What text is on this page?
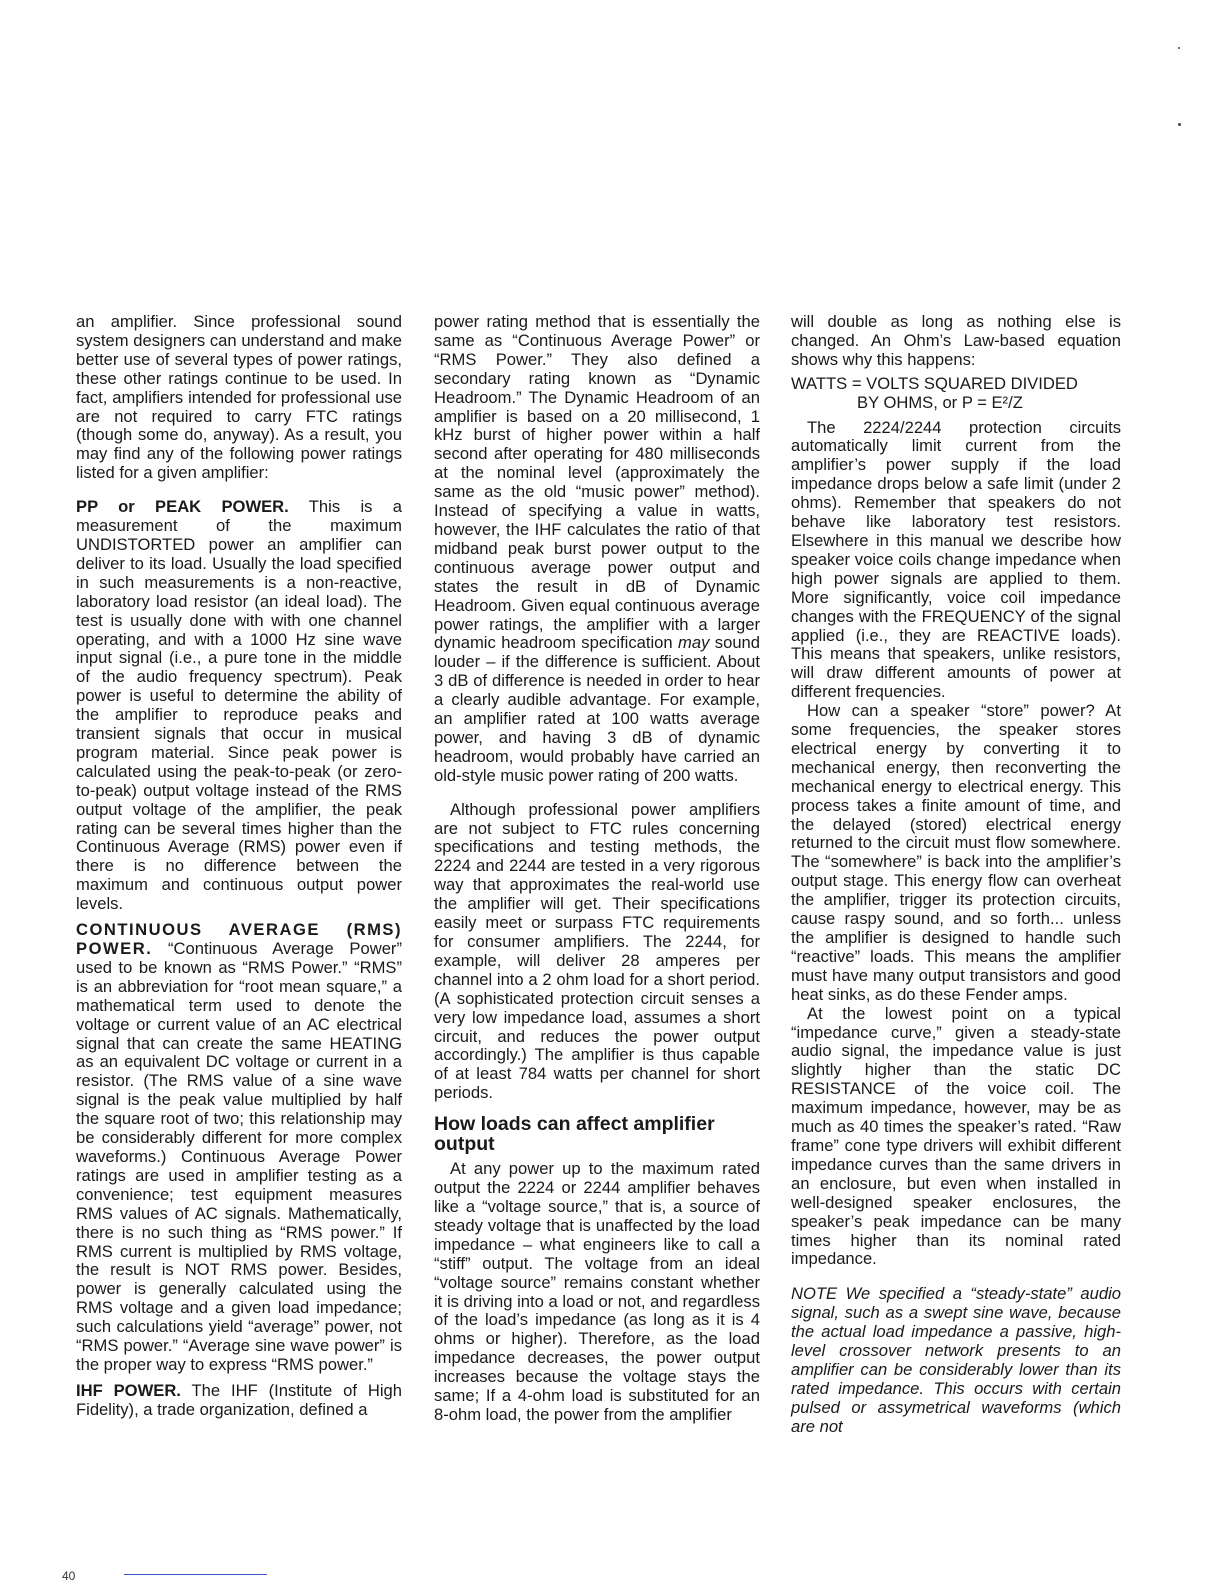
an amplifier. Since professional sound system designers can understand and make better use of several types of power ratings, these other ratings continue to be used. In fact, amplifiers intended for professional use are not required to carry FTC ratings (though some do, anyway). As a result, you may find any of the following power ratings listed for a given amplifier:

PP or PEAK POWER. This is a measurement of the maximum UNDISTORTED power an amplifier can deliver to its load. Usually the load specified in such measurements is a non-reactive, laboratory load resistor (an ideal load). The test is usually done with with one channel operating, and with a 1000 Hz sine wave input signal (i.e., a pure tone in the middle of the audio frequency spectrum). Peak power is useful to determine the ability of the amplifier to reproduce peaks and transient signals that occur in musical program material. Since peak power is calculated using the peak-to-peak (or zero-to-peak) output voltage instead of the RMS output voltage of the amplifier, the peak rating can be several times higher than the Continuous Average (RMS) power even if there is no difference between the maximum and continuous output power levels.

CONTINUOUS AVERAGE (RMS) POWER. “Continuous Average Power” used to be known as “RMS Power.” “RMS” is an abbreviation for “root mean square,” a mathematical term used to denote the voltage or current value of an AC electrical signal that can create the same HEATING as an equivalent DC voltage or current in a resistor. (The RMS value of a sine wave signal is the peak value multiplied by half the square root of two; this relationship may be considerably different for more complex waveforms.) Continuous Average Power ratings are used in amplifier testing as a convenience; test equipment measures RMS values of AC signals. Mathematically, there is no such thing as “RMS power.” If RMS current is multiplied by RMS voltage, the result is NOT RMS power. Besides, power is generally calculated using the RMS voltage and a given load impedance; such calculations yield “average” power, not “RMS power.” “Average sine wave power” is the proper way to express “RMS power.”

IHF POWER. The IHF (Institute of High Fidelity), a trade organization, defined a

power rating method that is essentially the same as “Continuous Average Power” or “RMS Power.” They also defined a secondary rating known as “Dynamic Headroom.” The Dynamic Headroom of an amplifier is based on a 20 millisecond, 1 kHz burst of higher power within a half second after operating for 480 milliseconds at the nominal level (approximately the same as the old “music power” method). Instead of specifying a value in watts, however, the IHF calculates the ratio of that midband peak burst power output to the continuous average power output and states the result in dB of Dynamic Headroom. Given equal continuous average power ratings, the amplifier with a larger dynamic headroom specification may sound louder – if the difference is sufficient. About 3 dB of difference is needed in order to hear a clearly audible advantage. For example, an amplifier rated at 100 watts average power, and having 3 dB of dynamic headroom, would probably have carried an old-style music power rating of 200 watts.

Although professional power amplifiers are not subject to FTC rules concerning specifications and testing methods, the 2224 and 2244 are tested in a very rigorous way that approximates the real-world use the amplifier will get. Their specifications easily meet or surpass FTC requirements for consumer amplifiers. The 2244, for example, will deliver 28 amperes per channel into a 2 ohm load for a short period. (A sophisticated protection circuit senses a very low impedance load, assumes a short circuit, and reduces the power output accordingly.) The amplifier is thus capable of at least 784 watts per channel for short periods.

How loads can affect amplifier output

At any power up to the maximum rated output the 2224 or 2244 amplifier behaves like a “voltage source,” that is, a source of steady voltage that is unaffected by the load impedance – what engineers like to call a “stiff” output. The voltage from an ideal “voltage source” remains constant whether it is driving into a load or not, and regardless of the load’s impedance (as long as it is 4 ohms or higher). Therefore, as the load impedance decreases, the power output increases because the voltage stays the same; If a 4-ohm load is substituted for an 8-ohm load, the power from the amplifier

will double as long as nothing else is changed. An Ohm’s Law-based equation shows why this happens:

WATTS = VOLTS SQUARED DIVIDED
BY OHMS, or P = E²/Z

The 2224/2244 protection circuits automatically limit current from the amplifier’s power supply if the load impedance drops below a safe limit (under 2 ohms). Remember that speakers do not behave like laboratory test resistors. Elsewhere in this manual we describe how speaker voice coils change impedance when high power signals are applied to them. More significantly, voice coil impedance changes with the FREQUENCY of the signal applied (i.e., they are REACTIVE loads). This means that speakers, unlike resistors, will draw different amounts of power at different frequencies.

How can a speaker “store” power? At some frequencies, the speaker stores electrical energy by converting it to mechanical energy, then reconverting the mechanical energy to electrical energy. This process takes a finite amount of time, and the delayed (stored) electrical energy returned to the circuit must flow somewhere. The “somewhere” is back into the amplifier’s output stage. This energy flow can overheat the amplifier, trigger its protection circuits, cause raspy sound, and so forth... unless the amplifier is designed to handle such “reactive” loads. This means the amplifier must have many output transistors and good heat sinks, as do these Fender amps.

At the lowest point on a typical “impedance curve,” given a steady-state audio signal, the impedance value is just slightly higher than the static DC RESISTANCE of the voice coil. The maximum impedance, however, may be as much as 40 times the speaker’s rated. “Raw frame” cone type drivers will exhibit different impedance curves than the same drivers in an enclosure, but even when installed in well-designed speaker enclosures, the speaker’s peak impedance can be many times higher than its nominal rated impedance.

NOTE We specified a “steady-state” audio signal, such as a swept sine wave, because the actual load impedance a passive, high-level crossover network presents to an amplifier can be considerably lower than its rated impedance. This occurs with certain pulsed or assymetrical waveforms (which are not

40
